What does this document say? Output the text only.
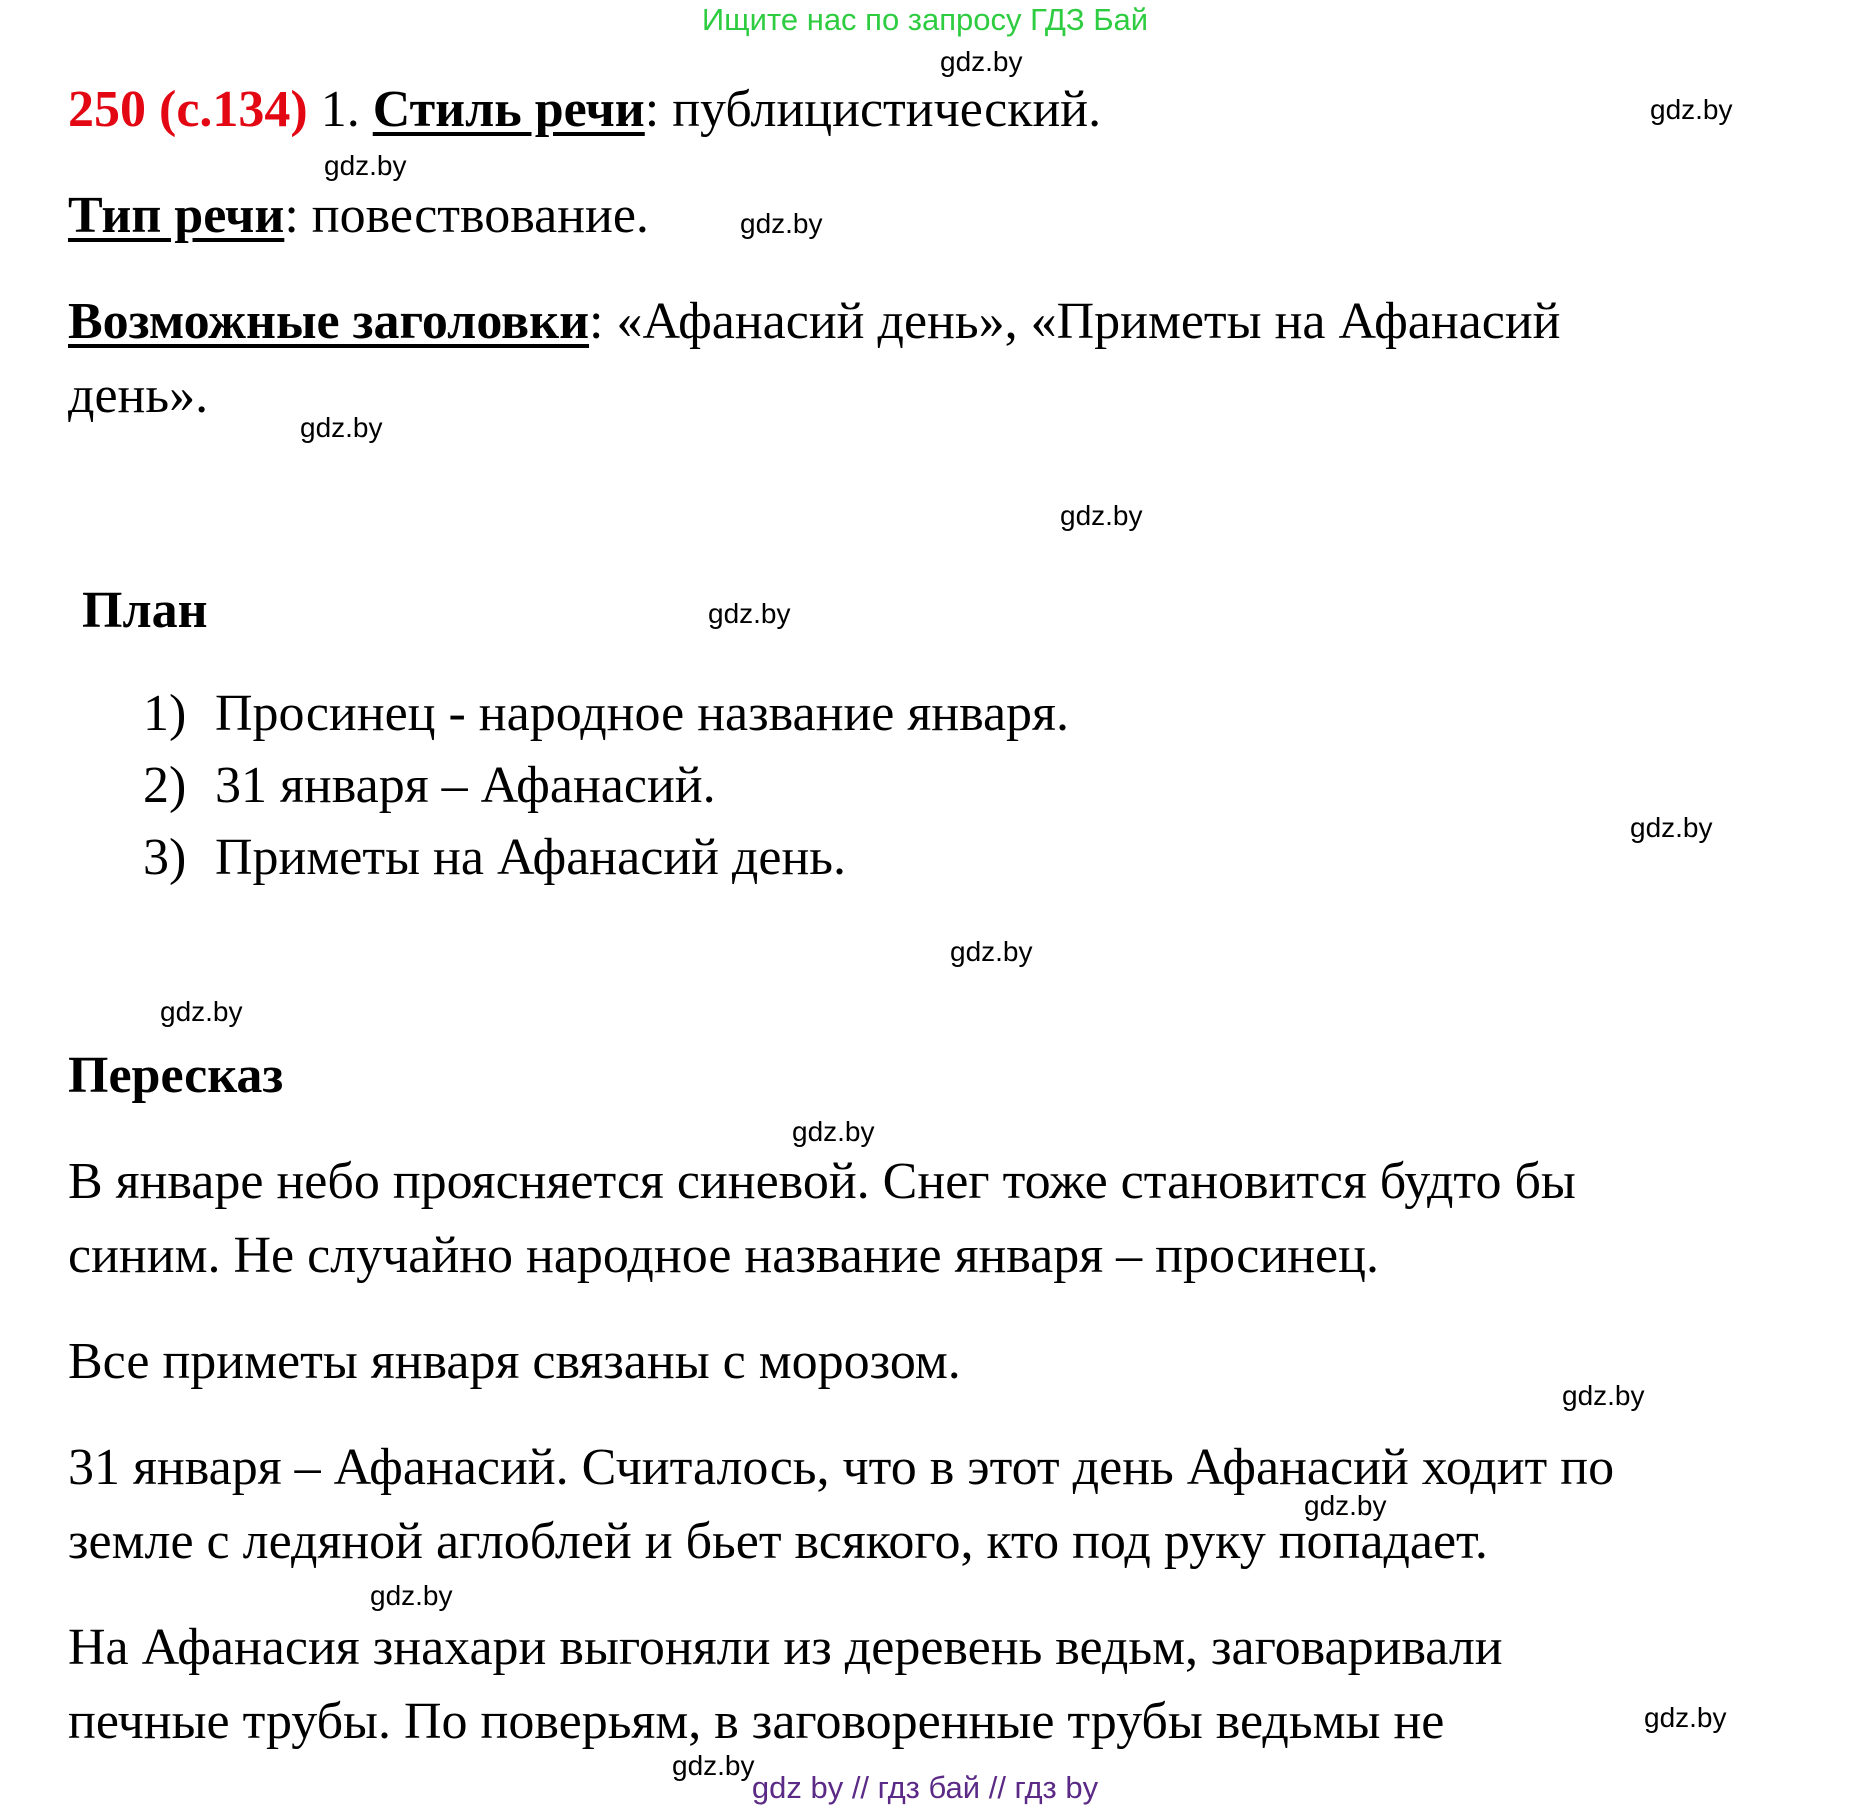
Ищите нас по запросу ГДЗ Бай
250 (с.134) 1. Стиль речи: публицистический.
Тип речи: повествование.
Возможные заголовки: «Афанасий день», «Приметы на Афанасий
день».
План
1) Просинец - народное название января.
2) 31 января – Афанасий.
3) Приметы на Афанасий день.
Пересказ
В январе небо проясняется синевой. Снег тоже становится будто бы
синим. Не случайно народное название января – просинец.
Все приметы января связаны с морозом.
31 января – Афанасий. Считалось, что в этот день Афанасий ходит по
земле с ледяной аглоблей и бьет всякого, кто под руку попадает.
На Афанасия знахари выгоняли из деревень ведьм, заговаривали
печные трубы. По поверьям, в заговоренные трубы ведьмы не
gdz.by
gdz.by
gdz.by
gdz.by
gdz.by
gdz.by
gdz.by
gdz.by
gdz.by
gdz.by
gdz.by
gdz.by
gdz.by
gdz.by
gdz.by
gdz.by
gdz by // гдз бай // гдз by
